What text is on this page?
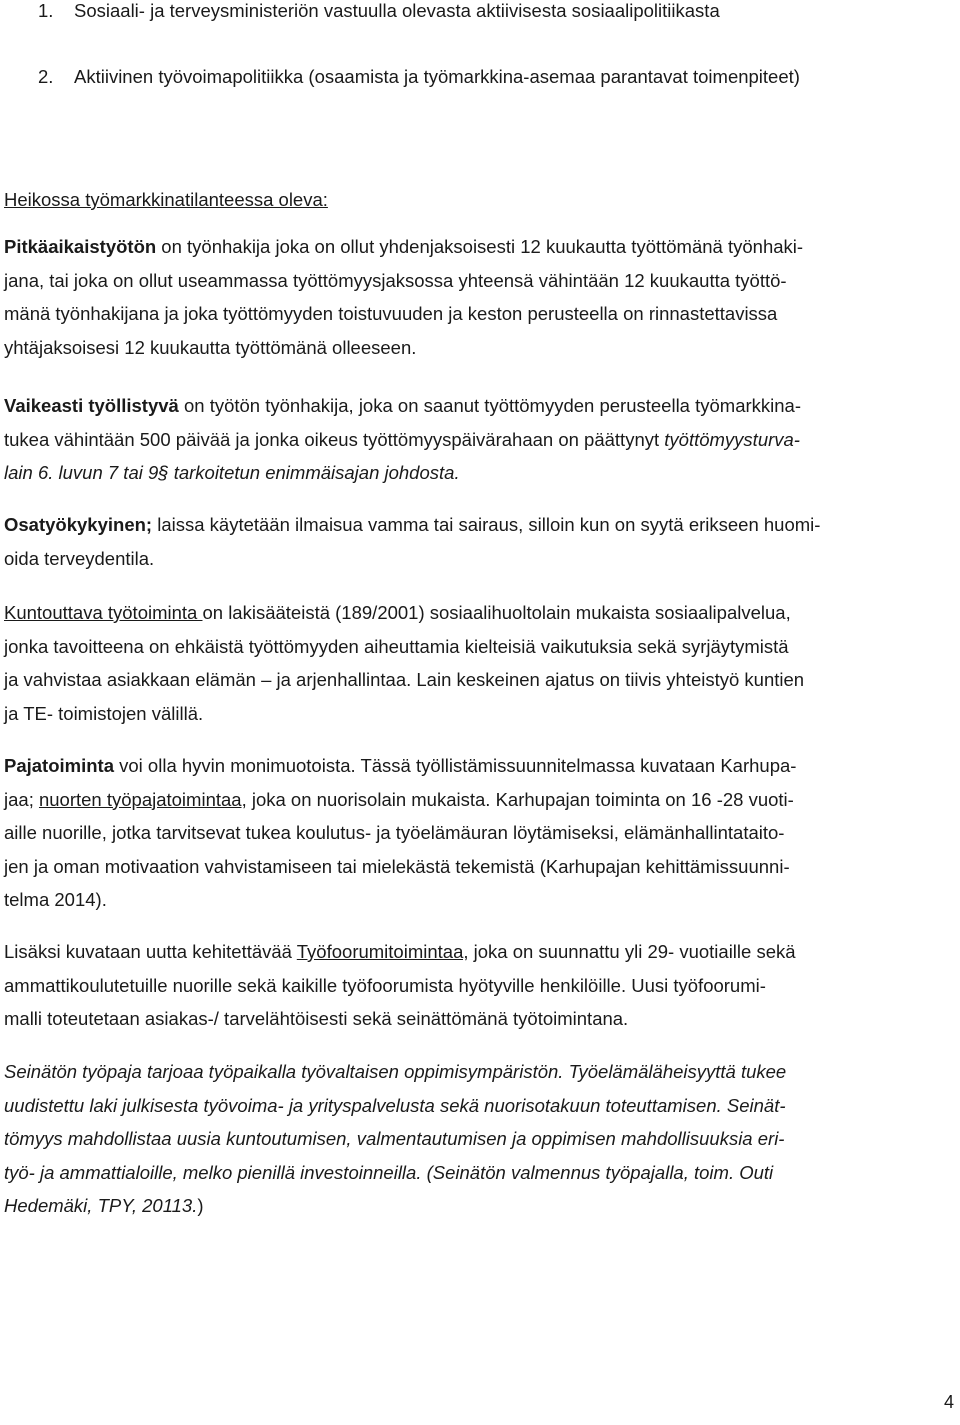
1. Sosiaali- ja terveysministeriön vastuulla olevasta aktiivisesta sosiaalipolitiikasta
2. Aktiivinen työvoimapolitiikka (osaamista ja työmarkkina-asemaa parantavat toimenpiteet)
Heikossa työmarkkinatilanteessa oleva:

Pitkäaikaistyötön on työnhakija joka on ollut yhdenjaksoisesti 12 kuukautta työttömänä työnhaki-
jana, tai joka on ollut useammassa työttömyysjaksossa yhteensä vähintään 12 kuukautta työttö-
mänä työnhakijana ja joka työttömyyden toistuvuuden ja keston perusteella on rinnastettavissa
yhtäjaksoisesi 12 kuukautta työttömänä olleeseen.

Vaikeasti työllistyvä on työtön työnhakija, joka on saanut työttömyyden perusteella työmarkkina-
tukea vähintään 500 päivää ja jonka oikeus työttömyyspäivärahaan on päättynyt työttömyysturva-
lain 6. luvun 7 tai 9§ tarkoitetun enimmäisajan johdosta.

Osatyökykyinen; laissa käytetään ilmaisua vamma tai sairaus, silloin kun on syytä erikseen huomi-
oida terveydentila.

Kuntouttava työtoiminta on lakisääteistä (189/2001) sosiaalihuoltolain mukaista sosiaalipalvelua,
jonka tavoitteena on ehkäistä työttömyyden aiheuttamia kielteisiä vaikutuksia sekä syrjäytymistä
ja vahvistaa asiakkaan elämän – ja arjenhallintaa. Lain keskeinen ajatus on tiivis yhteistyö kuntien
ja TE- toimistojen välillä.

Pajatoiminta voi olla hyvin monimuotoista. Tässä työllistämissuunnitelmassa kuvataan Karhupa-
jaa; nuorten työpajatoimintaa, joka on nuorisolain mukaista. Karhupajan toiminta on 16 -28 vuoti-
aille nuorille, jotka tarvitsevat tukea koulutus- ja työelämäuran löytämiseksi, elämänhallintataito-
jen ja oman motivaation vahvistamiseen tai mielekästä tekemistä (Karhupajan kehittämissuunni-
telma 2014).

Lisäksi kuvataan uutta kehitettävää Työfoorumitoimintaa, joka on suunnattu yli 29- vuotiaille sekä
ammattikoulutetuille nuorille sekä kaikille työfoorumista hyötyville henkilöille. Uusi työfoorumi-
malli toteutetaan asiakas-/ tarvelähtöisesti sekä seinättömänä työtoimintana.

Seinätön työpaja tarjoaa työpaikalla työvaltaisen oppimisympäristön. Työelämäläheisyyttä tukee
uudistettu laki julkisesta työvoima- ja yrityspalvelusta sekä nuorisotakuun toteuttamisen. Seinät-
tömyys mahdollistaa uusia kuntoutumisen, valmentautumisen ja oppimisen mahdollisuuksia eri-
työ- ja ammattialoille, melko pienillä investoinneilla. (Seinätön valmennus työpajalla, toim. Outi
Hedemäki, TPY, 20113.)

4
